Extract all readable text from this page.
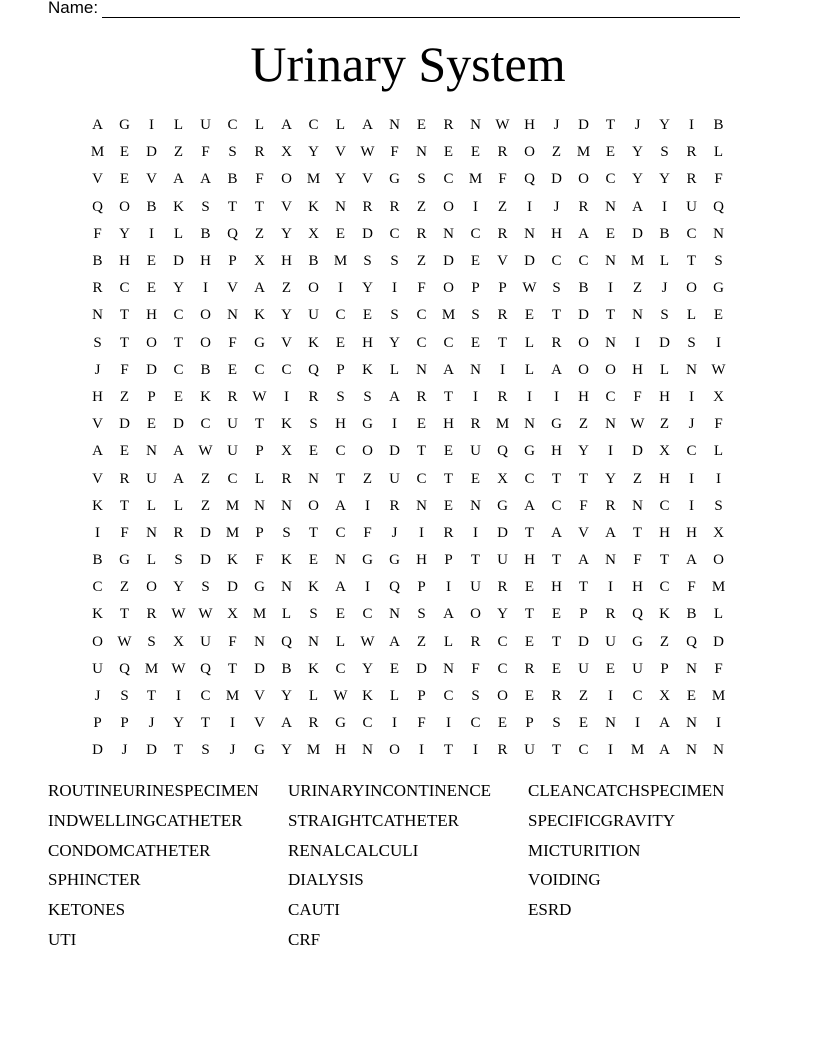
Name:
Urinary System
A	G	I	L	U	C	L	A	C	L	A	N	E	R	N W H	J	D	T	J	Y	I	B
M	E	D	Z	F	S	R	X	Y	V W	F	N	E	E	R	O	Z	M	E	Y	S	R	L
V	E	V	A	A	B	F	O M Y	V	G	S	C	M	F	Q	D	O	C	Y	Y	R	F
Q	O	B	K	S	T	T	V	K	N	R	R	Z	O	I	Z	I	J	R	N	A	I	U	Q
F	Y	I	L	B	Q	Z	Y	X	E	D	C	R	N	C	R	N	H	A	E	D	B	C	N
B	H	E	D	H	P	X	H	B	M	S	S	Z	D	E	V	D	C	C	N M	L	T	S
R	C	E	Y	I	V	A	Z	O	I	Y	I	F	O	P	P	W	S	B	I	Z	J	O	G
N	T	H	C	O	N	K	Y	U	C	E	S	C	M	S	R	E	T	D	T	N	S	L	E
S	T	O	T	O	F	G	V	K	E	H	Y	C	C	E	T	L	R	O	N	I	D	S	I
J	F	D	C	B	E	C	C	Q	P	K	L	N	A	N	I	L	A	O	O	H	L	N W
H	Z	P	E	K	R W	I	R	S	S	A	R	T	I	R	I	I	H	C	F	H	I	X
V	D	E	D	C	U	T	K	S	H	G	I	E	H	R	M N	G	Z	N W	Z	J	F
A	E	N	A W U	P	X	E	C	O	D	T	E	U	Q	G	H	Y	I	D	X	C	L
V	R	U	A	Z	C	L	R	N	T	Z	U	C	T	E	X	C	T	T	Y	Z	H	I	I
K	T	L	L	Z	M N	N	O	A	I	R	N	E	N	G	A	C	F	R	N	C	I	S
I	F	N	R	D M	P	S	T	C	F	J	I	R	I	D	T	A	V	A	T	H	H	X
B	G	L	S	D	K	F	K	E	N	G	G	H	P	T	U	H	T	A	N	F	T	A	O
C	Z	O	Y	S	D	G	N	K	A	I	Q	P	I	U	R	E	H	T	I	H	C	F	M
K	T	R W W X M	L	S	E	C	N	S	A	O	Y	T	E	P	R	Q	K	B	L
O W	S	X	U	F	N	Q	N	L	W A	Z	L	R	C	E	T	D	U	G	Z	Q	D
U	Q M W Q	T	D	B	K	C	Y	E	D	N	F	C	R	E	U	E	U	P	N	F
J	S	T	I	C	M V	Y	L	W K	L	P	C	S	O	E	R	Z	I	C	X	E	M
P	P	J	Y	T	I	V	A	R	G	C	I	F	I	C	E	P	S	E	N	I	A	N	I
D	J	D	T	S	J	G	Y M H	N	O	I	T	I	R	U	T	C	I	M A	N	N
ROUTINEURINESPECIMEN	URINARYINCONTINENCE	CLEANCATCHSPECIMEN
INDWELLINGCATHETER	STRAIGHTCATHETER	SPECIFICGRAVITY
CONDOMCATHETER	RENALCALCULI	MICTURITION
SPHINCTER	DIALYSIS	VOIDING
KETONES	CAUTI	ESRD
UTI	CRF
